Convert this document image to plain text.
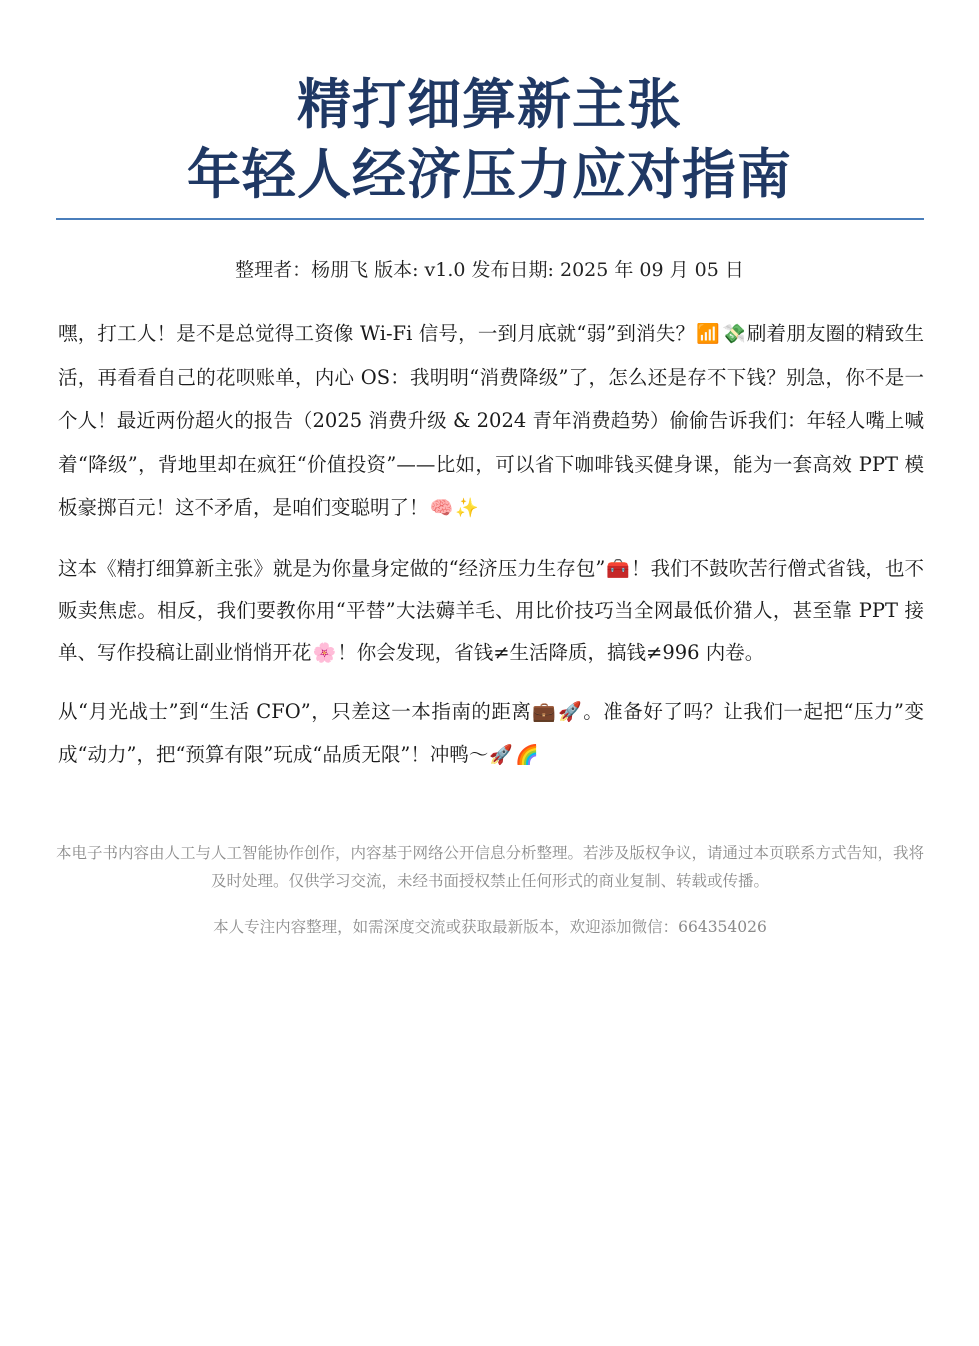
精打细算新主张
年轻人经济压力应对指南
整理者：杨朋飞 版本: v1.0 发布日期: 2025 年 09 月 05 日

嘿，打工人！是不是总觉得工资像 Wi-Fi 信号，一到月底就“弱”到消失？📶 💸刷着朋友圈的精致生活，再看看自己的花呗账单，内心 OS：我明明“消费降级”了，怎么还是存不下钱？别急，你不是一个人！最近两份超火的报告（2025 消费升级 & 2024 青年消费趋势）偷偷告诉我们：年轻人嘴上喊着“降级”，背地里却在疯狂“价值投资”——比如，可以省下咖啡钱买健身课，能为一套高效 PPT 模板豪掷百元！这不矛盾，是咱们变聪明了！🧠 ✨

这本《精打细算新主张》就是为你量身定做的“经济压力生存包”🧰！我们不鼓吹苦行僧式省钱，也不贩卖焦虑。相反，我们要教你用“平替”大法薅羊毛、用比价技巧当全网最低价猎人，甚至靠 PPT 接单、写作投稿让副业悄悄开花🌸！你会发现，省钱≠生活降质，搞钱≠996 内卷。

从“月光战士”到“生活 CFO”，只差这一本指南的距离💼 🚀。准备好了吗？让我们一起把“压力”变成“动力”，把“预算有限”玩成“品质无限”！冲鸭～🚀 🌈

本电子书内容由人工与人工智能协作创作，内容基于网络公开信息分析整理。若涉及版权争议，请通过本页联系方式告知，我将及时处理。仅供学习交流，未经书面授权禁止任何形式的商业复制、转载或传播。
本人专注内容整理，如需深度交流或获取最新版本，欢迎添加微信：664354026
